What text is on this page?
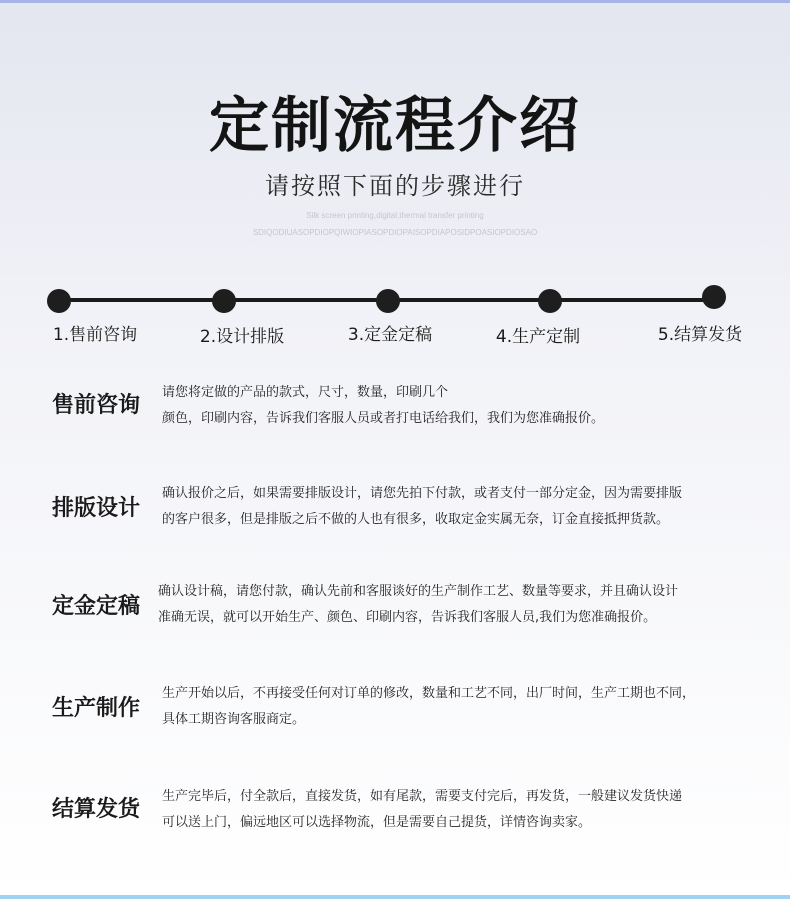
定制流程介绍
请按照下面的步骤进行
Silk screen printing,digital,thermal transfer printing
SDIQODIUASOPDIOPQIWIOPIASOPDIOPAISOPDIAPOSIDPOASIOPDIOSAO
1.售前咨询	2.设计排版	3.定金定稿	4.生产定制	5.结算发货
售前咨询
请您将定做的产品的款式，尺寸，数量，印刷几个
颜色，印刷内容，告诉我们客服人员或者打电话给我们，我们为您准确报价。
排版设计
确认报价之后，如果需要排版设计，请您先拍下付款，或者支付一部分定金，因为需要排版
的客户很多，但是排版之后不做的人也有很多，收取定金实属无奈，订金直接抵押货款。
定金定稿
确认设计稿，请您付款，确认先前和客服谈好的生产制作工艺、数量等要求，并且确认设计
准确无误，就可以开始生产、颜色、印刷内容，告诉我们客服人员,我们为您准确报价。
生产制作
生产开始以后，不再接受任何对订单的修改，数量和工艺不同，出厂时间，生产工期也不同，
具体工期咨询客服商定。
结算发货
生产完毕后，付全款后，直接发货，如有尾款，需要支付完后，再发货，一般建议发货快递
可以送上门，偏远地区可以选择物流，但是需要自己提货，详情咨询卖家。
